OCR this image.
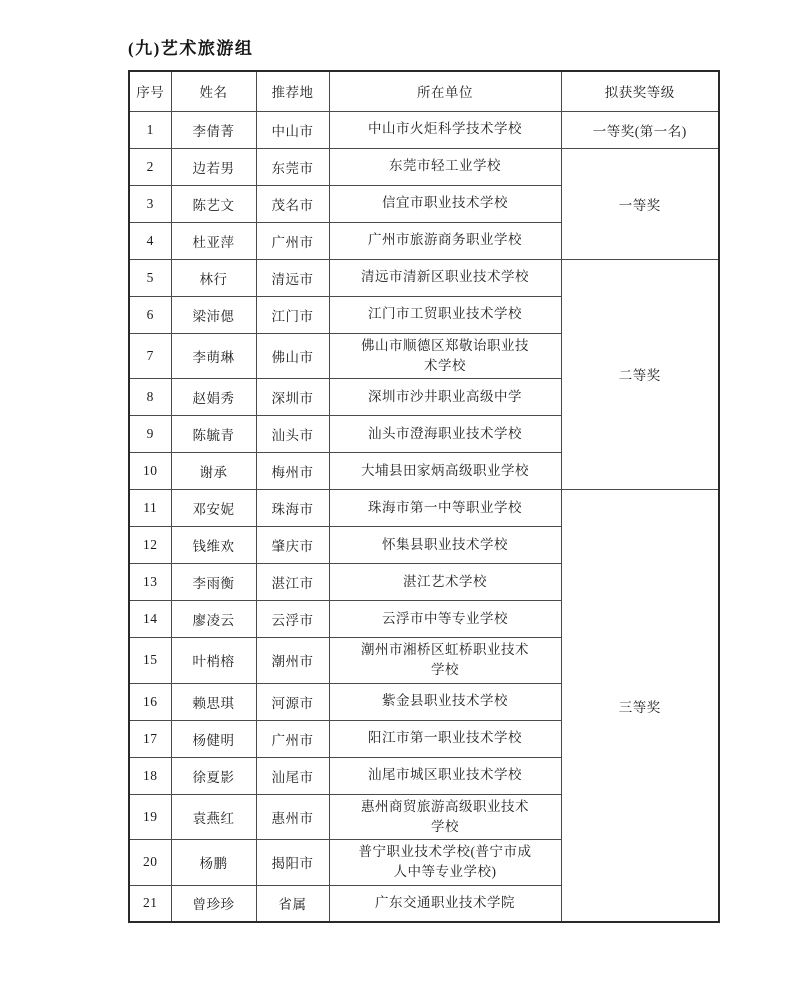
(九)艺术旅游组
序号	姓名	推荐地	所在单位	拟获奖等级
1	李倩菁	中山市	中山市火炬科学技术学校	一等奖(第一名)
2	边若男	东莞市	东莞市轻工业学校	一等奖
3	陈艺文	茂名市	信宜市职业技术学校	

4	杜亚萍	广州市	广州市旅游商务职业学校	

5	林行	清远市	清远市清新区职业技术学校	二等奖
6	梁沛偲	江门市	江门市工贸职业技术学校	

7	李萌琳	佛山市	佛山市顺德区郑敬诒职业技术学校	

8	赵娟秀	深圳市	深圳市沙井职业高级中学	

9	陈毓青	汕头市	汕头市澄海职业技术学校	

10	谢承	梅州市	大埔县田家炳高级职业学校	

11	邓安妮	珠海市	珠海市第一中等职业学校	三等奖
12	钱维欢	肇庆市	怀集县职业技术学校	

13	李雨衡	湛江市	湛江艺术学校	

14	廖凌云	云浮市	云浮市中等专业学校	

15	叶梢榕	潮州市	潮州市湘桥区虹桥职业技术学校	

16	赖思琪	河源市	紫金县职业技术学校	

17	杨健明	广州市	阳江市第一职业技术学校	

18	徐夏影	汕尾市	汕尾市城区职业技术学校	

19	袁燕红	惠州市	惠州商贸旅游高级职业技术学校	

20	杨鹏	揭阳市	普宁职业技术学校(普宁市成人中等专业学校)	

21	曾珍珍	省属	广东交通职业技术学院	
